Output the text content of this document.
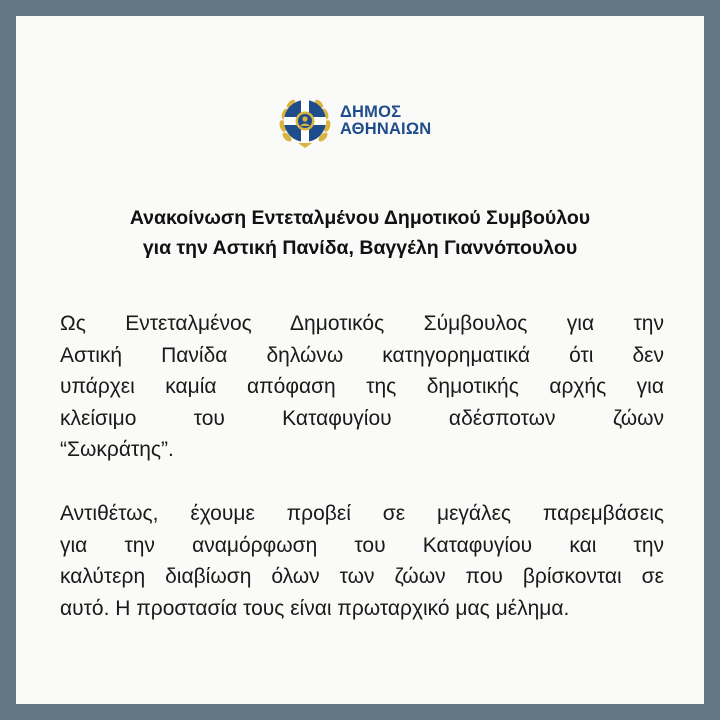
ΔΗΜΟΣ
ΑΘΗΝΑΙΩΝ
Ανακοίνωση Εντεταλμένου Δημοτικού Συμβούλου
για την Αστική Πανίδα, Βαγγέλη Γιαννόπουλου
Ως Εντεταλμένος Δημοτικός Σύμβουλος για την
Αστική Πανίδα δηλώνω κατηγορηματικά ότι δεν
υπάρχει καμία απόφαση της δημοτικής αρχής για
κλείσιμο του Καταφυγίου αδέσποτων ζώων
“Σωκράτης”.
Αντιθέτως, έχουμε προβεί σε μεγάλες παρεμβάσεις
για την αναμόρφωση του Καταφυγίου και την
καλύτερη διαβίωση όλων των ζώων που βρίσκονται σε
αυτό. Η προστασία τους είναι πρωταρχικό μας μέλημα.
